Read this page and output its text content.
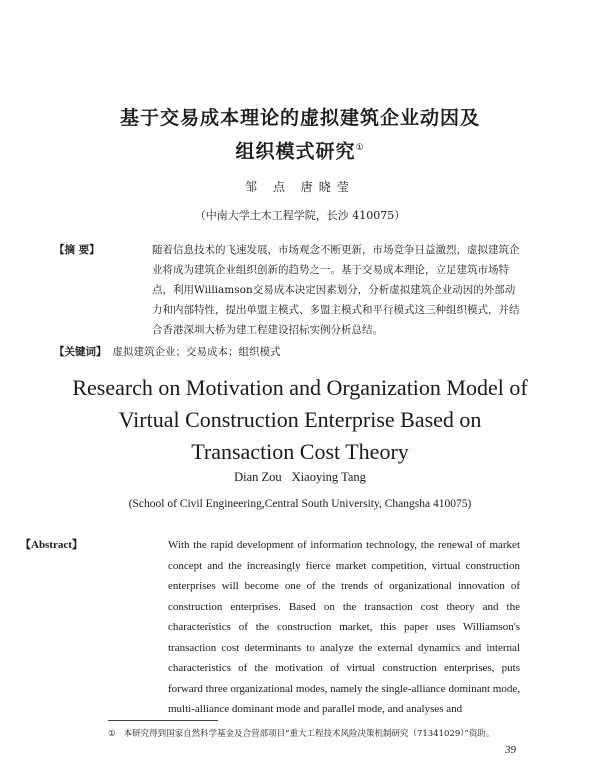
基于交易成本理论的虚拟建筑企业动因及
组织模式研究①
邹 点 唐晓莹
（中南大学土木工程学院，长沙 410075）
【摘 要】	随着信息技术的飞速发展，市场观念不断更新，市场竞争日益激烈，虚拟建筑企业将成为建筑企业组织创新的趋势之一。基于交易成本理论，立足建筑市场特点，利用Williamson交易成本决定因素划分，分析虚拟建筑企业动因的外部动力和内部特性，提出单盟主模式、多盟主模式和平行模式这三种组织模式，并结合香港深圳大桥为建工程建设招标实例分析总结。

【关键词】 虚拟建筑企业；交易成本；组织模式
Research on Motivation and Organization Model of
Virtual Construction Enterprise Based on
Transaction Cost Theory
Dian Zou Xiaoying Tang
(School of Civil Engineering,Central South University, Changsha 410075)
【Abstract】	With the rapid development of information technology, the renewal of market concept and the increasingly fierce market competition, virtual construction enterprises will become one of the trends of organizational innovation of construction enterprises. Based on the transaction cost theory and the characteristics of the construction market, this paper uses Williamson's transaction cost determinants to analyze the external dynamics and internal characteristics of the motivation of virtual construction enterprises, puts forward three organizational modes, namely the single-alliance dominant mode, multi-alliance dominant mode and parallel mode, and analyses and

① 本研究得到国家自然科学基金及合营部项目“重大工程技术风险决策机制研究（71341029）”资助。
39
